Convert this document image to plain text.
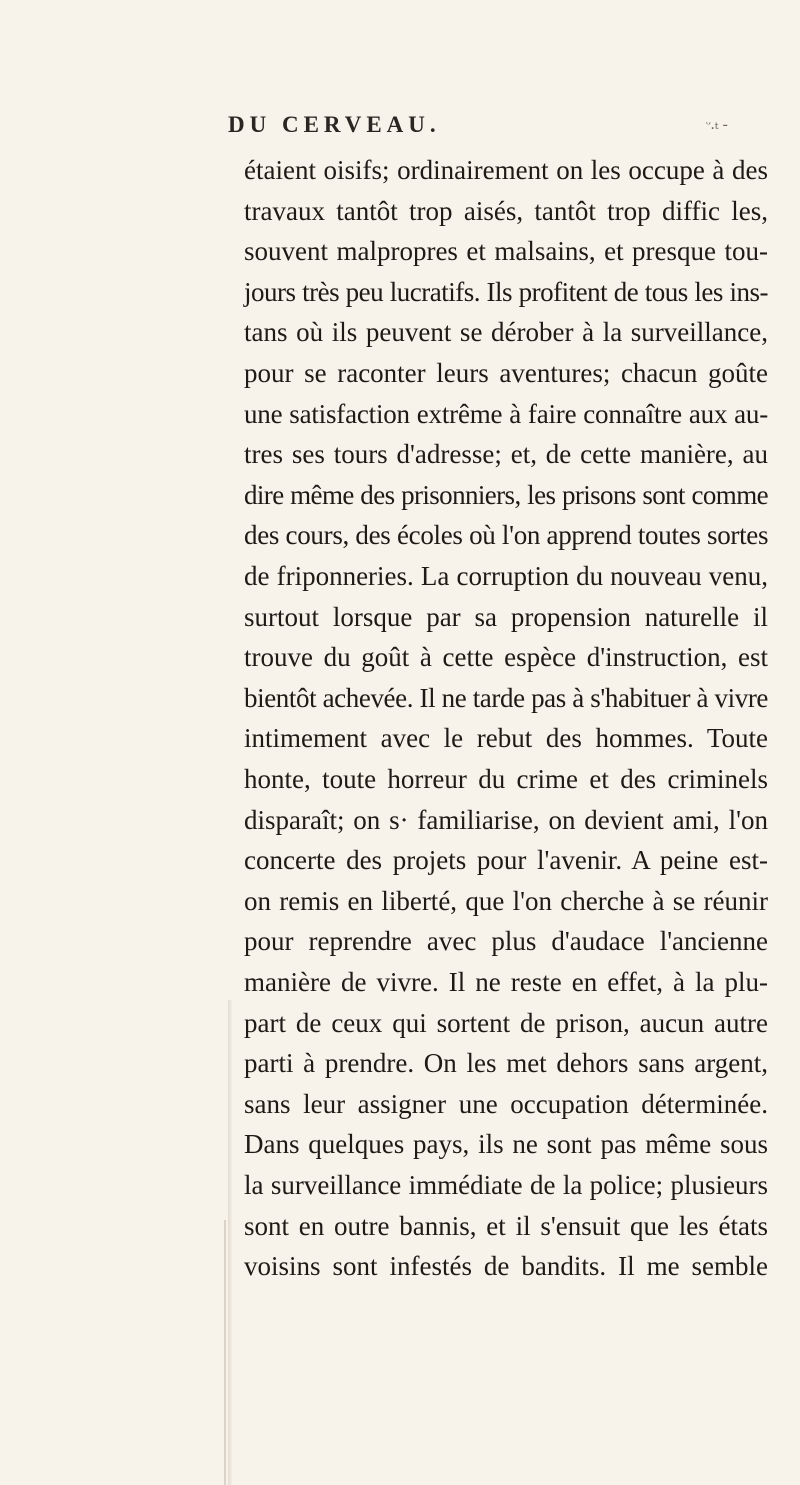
DU CERVEAU.	ᵕ.ₜ -
étaient oisifs; ordinairement on les occupe à des
travaux tantôt trop aisés, tantôt trop diffic les,
souvent malpropres et malsains, et presque tou-
jours très peu lucratifs. Ils profitent de tous les ins-
tans où ils peuvent se dérober à la surveillance,
pour se raconter leurs aventures; chacun goûte
une satisfaction extrême à faire connaître aux au-
tres ses tours d'adresse; et, de cette manière, au
dire même des prisonniers, les prisons sont comme
des cours, des écoles où l'on apprend toutes sortes
de friponneries. La corruption du nouveau venu,
surtout lorsque par sa propension naturelle il
trouve du goût à cette espèce d'instruction, est
bientôt achevée. Il ne tarde pas à s'habituer à vivre
intimement avec le rebut des hommes. Toute
honte, toute horreur du crime et des criminels
disparaît; on s· familiarise, on devient ami, l'on
concerte des projets pour l'avenir. A peine est-
on remis en liberté, que l'on cherche à se réunir
pour reprendre avec plus d'audace l'ancienne
manière de vivre. Il ne reste en effet, à la plu-
part de ceux qui sortent de prison, aucun autre
parti à prendre. On les met dehors sans argent,
sans leur assigner une occupation déterminée.
Dans quelques pays, ils ne sont pas même sous
la surveillance immédiate de la police; plusieurs
sont en outre bannis, et il s'ensuit que les états
voisins sont infestés de bandits. Il me semble
